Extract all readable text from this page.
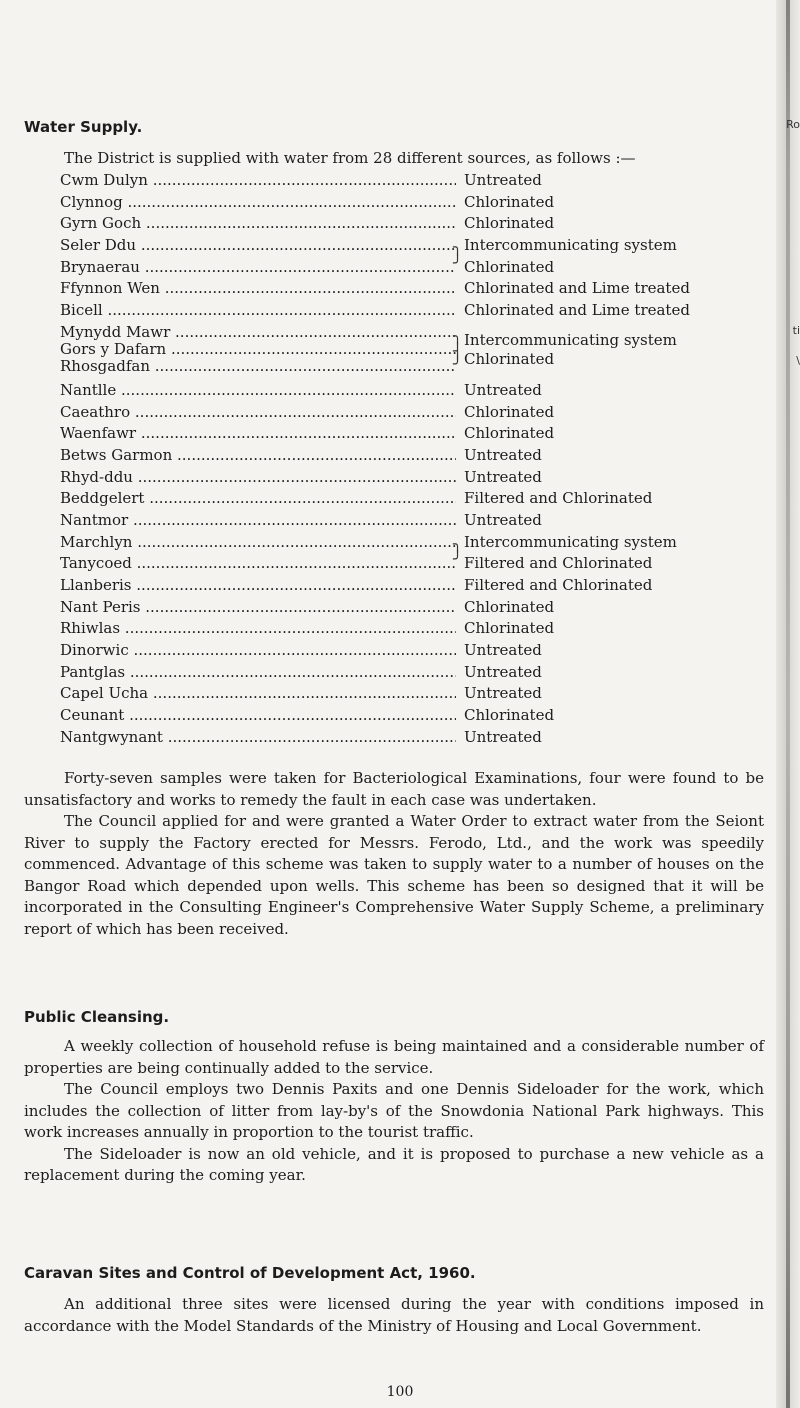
Ro
ti
\
Water Supply.

The District is supplied with water from 28 different sources, as follows :—

Cwm Dulyn .....	Untreated
Clynnog .....	Chlorinated
Gyrn Goch .....	Chlorinated
Seler Ddu .....	╮ Intercommunicating system
Brynaerau .....	╯ Chlorinated
Ffynnon Wen .....	Chlorinated and Lime treated
Bicell .....	Chlorinated and Lime treated
Mynydd Mawr .....	╮ Intercommunicating system
Gors y Dafarn .....	┤ Chlorinated
Rhosgadfan .....	╯
Nantlle .....	Untreated
Caeathro .....	Chlorinated
Waenfawr .....	Chlorinated
Betws Garmon .....	Untreated
Rhyd-ddu .....	Untreated
Beddgelert .....	Filtered and Chlorinated
Nantmor .....	Untreated
Marchlyn .....	╮ Intercommunicating system
Tanycoed .....	╯ Filtered and Chlorinated
Llanberis .....	Filtered and Chlorinated
Nant Peris .....	Chlorinated
Rhiwlas .....	Chlorinated
Dinorwic .....	Untreated
Pantglas .....	Untreated
Capel Ucha .....	Untreated
Ceunant .....	Chlorinated
Nantgwynant .....	Untreated

Forty-seven samples were taken for Bacteriological Examinations, four were found to be unsatisfactory and works to remedy the fault in each case was undertaken.

The Council applied for and were granted a Water Order to extract water from the Seiont River to supply the Factory erected for Messrs. Ferodo, Ltd., and the work was speedily commenced. Advantage of this scheme was taken to supply water to a number of houses on the Bangor Road which depended upon wells. This scheme has been so designed that it will be incorporated in the Consulting Engineer's Comprehensive Water Supply Scheme, a preliminary report of which has been received.

Public Cleansing.

A weekly collection of household refuse is being maintained and a considerable number of properties are being continually added to the service.

The Council employs two Dennis Paxits and one Dennis Sideloader for the work, which includes the collection of litter from lay-by's of the Snowdonia National Park highways. This work increases annually in proportion to the tourist traffic.

The Sideloader is now an old vehicle, and it is proposed to purchase a new vehicle as a replacement during the coming year.

Caravan Sites and Control of Development Act, 1960.

An additional three sites were licensed during the year with conditions imposed in accordance with the Model Standards of the Ministry of Housing and Local Government.

100
